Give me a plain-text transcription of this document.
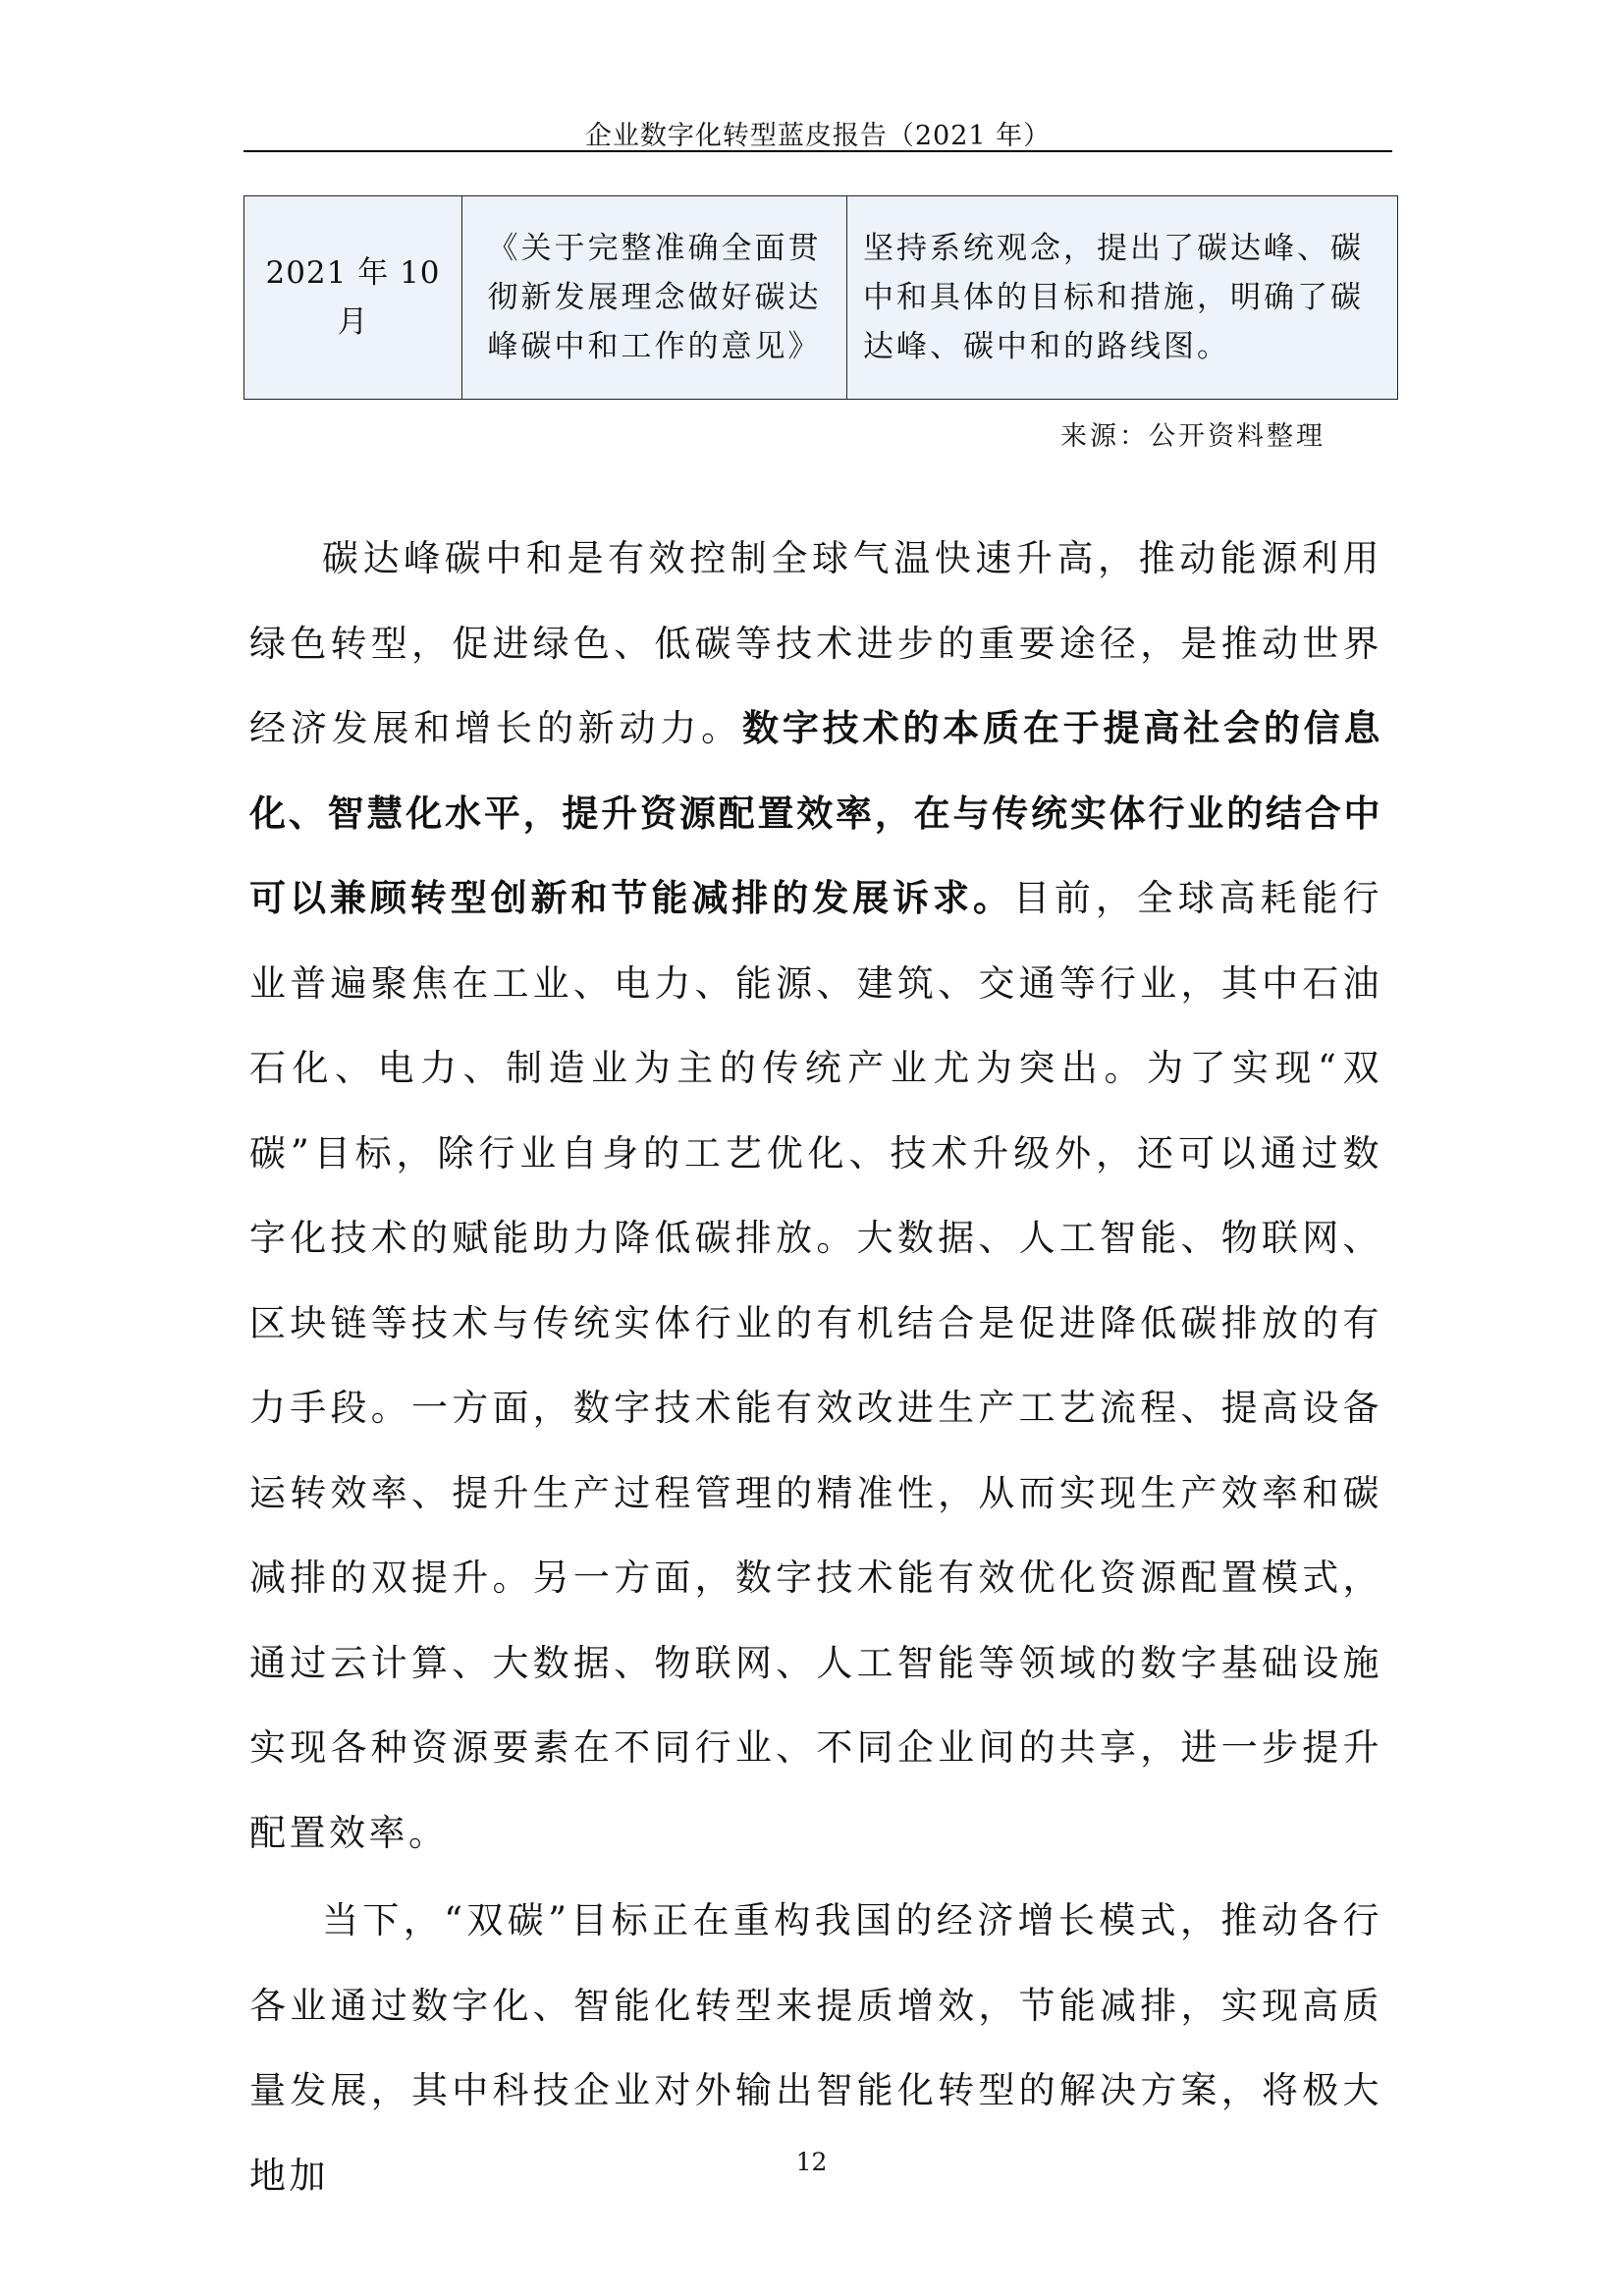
企业数字化转型蓝皮报告（2021 年）
2021 年 10 月	《关于完整准确全面贯彻新发展理念做好碳达峰碳中和工作的意见》	坚持系统观念，提出了碳达峰、碳中和具体的目标和措施，明确了碳达峰、碳中和的路线图。
来源：公开资料整理

碳达峰碳中和是有效控制全球气温快速升高，推动能源利用绿色转型，促进绿色、低碳等技术进步的重要途径，是推动世界经济发展和增长的新动力。数字技术的本质在于提高社会的信息化、智慧化水平，提升资源配置效率，在与传统实体行业的结合中可以兼顾转型创新和节能减排的发展诉求。目前，全球高耗能行业普遍聚焦在工业、电力、能源、建筑、交通等行业，其中石油石化、电力、制造业为主的传统产业尤为突出。为了实现“双碳”目标，除行业自身的工艺优化、技术升级外，还可以通过数字化技术的赋能助力降低碳排放。大数据、人工智能、物联网、区块链等技术与传统实体行业的有机结合是促进降低碳排放的有力手段。一方面，数字技术能有效改进生产工艺流程、提高设备运转效率、提升生产过程管理的精准性，从而实现生产效率和碳减排的双提升。另一方面，数字技术能有效优化资源配置模式，通过云计算、大数据、物联网、人工智能等领域的数字基础设施实现各种资源要素在不同行业、不同企业间的共享，进一步提升配置效率。

当下，“双碳”目标正在重构我国的经济增长模式，推动各行各业通过数字化、智能化转型来提质增效，节能减排，实现高质量发展，其中科技企业对外输出智能化转型的解决方案，将极大地加	12
